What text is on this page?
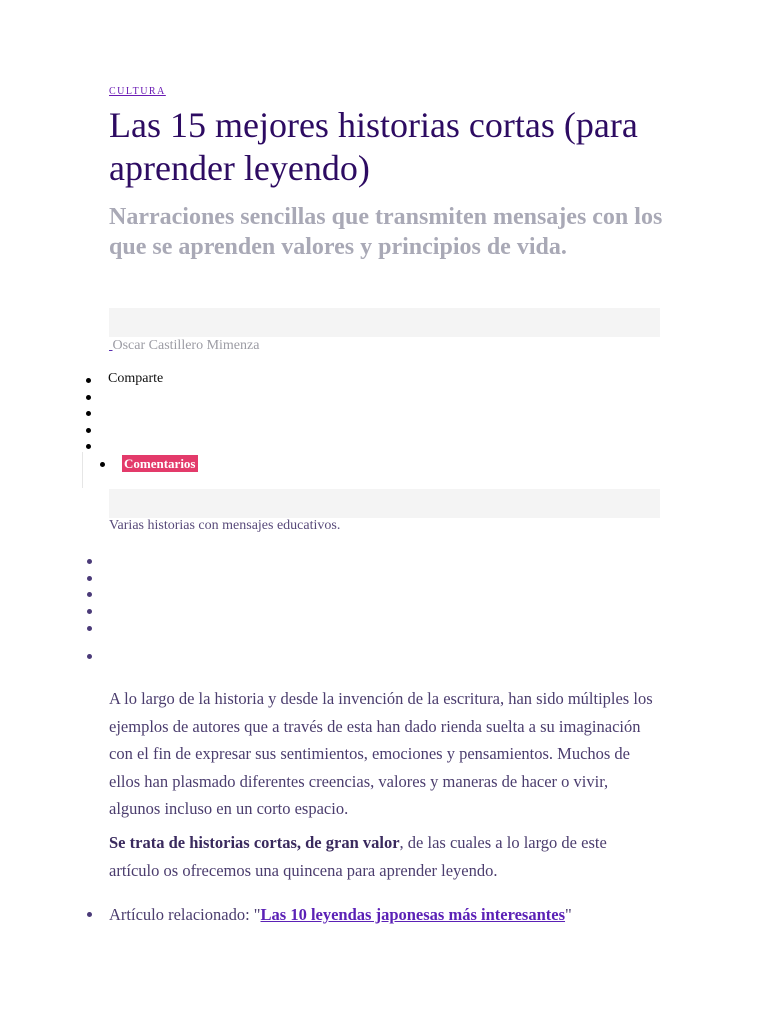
CULTURA
Las 15 mejores historias cortas (para aprender leyendo)
Narraciones sencillas que transmiten mensajes con los que se aprenden valores y principios de vida.
Oscar Castillero Mimenza
Comparte
Comentarios
Varias historias con mensajes educativos.

A lo largo de la historia y desde la invención de la escritura, han sido múltiples los ejemplos de autores que a través de esta han dado rienda suelta a su imaginación con el fin de expresar sus sentimientos, emociones y pensamientos. Muchos de ellos han plasmado diferentes creencias, valores y maneras de hacer o vivir, algunos incluso en un corto espacio.

Se trata de historias cortas, de gran valor, de las cuales a lo largo de este artículo os ofrecemos una quincena para aprender leyendo.

Artículo relacionado: "Las 10 leyendas japonesas más interesantes"
